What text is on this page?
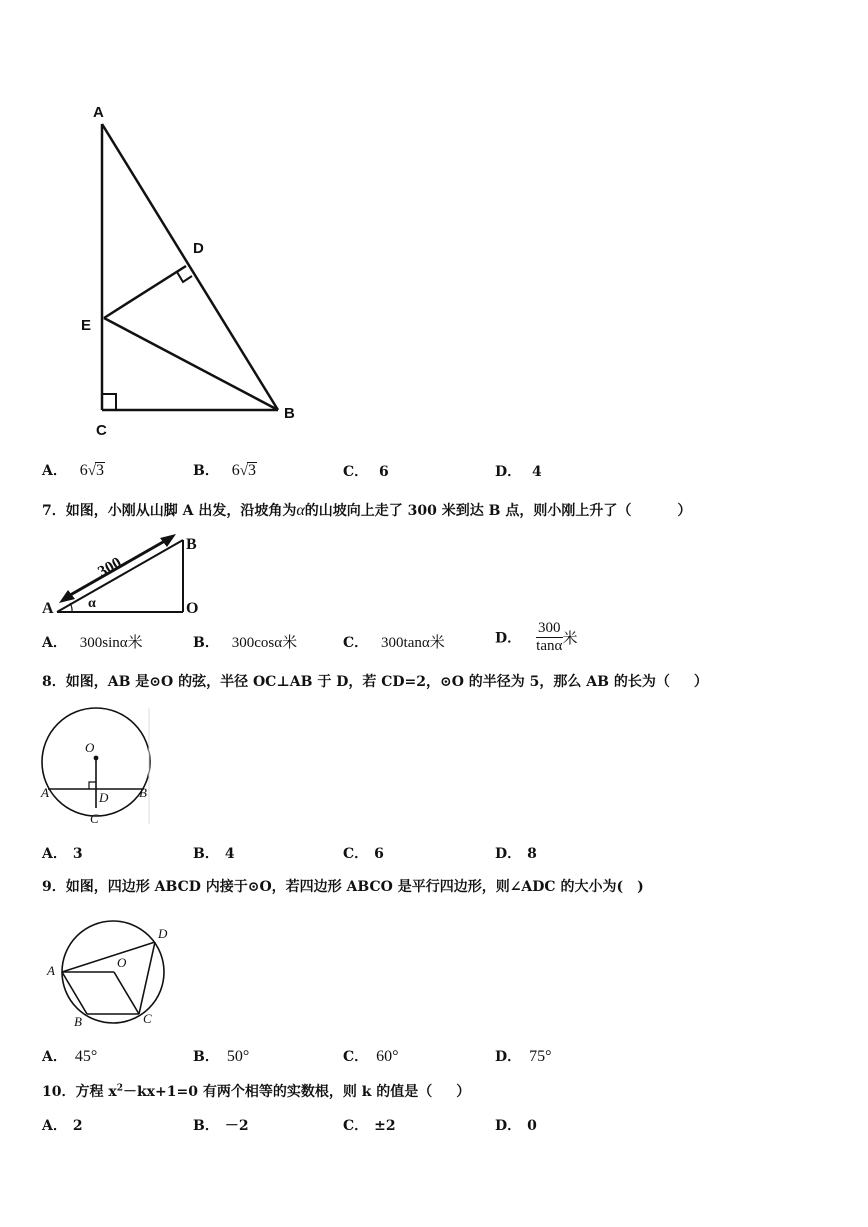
A
D
E
C
B
A． 6√3	B． 6√3	C． 6	D． 4
7．如图，小刚从山脚 A 出发，沿坡角为α的山坡向上走了 300 米到达 B 点，则小刚上升了（	）
300
A
B
O
α
A． 300sinα米	B． 300cosα米	C． 300tanα米	D． $\frac{300}{\tan\alpha}$ 米
8．如图，AB 是⊙O 的弦，半径 OC⊥AB 于 D，若 CD=2，⊙O 的半径为 5，那么 AB 的长为（ ）
O
A	B
D
C
A． 3	B． 4	C． 6	D． 8
9．如图，四边形 ABCD 内接于⊙O，若四边形 ABCO 是平行四边形，则∠ADC 的大小为( )
A
B	C
D
O
A． 45°	B． 50°	C． 60°	D． 75°
10．方程 $x^2-kx+1=0$ 有两个相等的实数根，则 k 的值是（ ）
A． 2	B． －2	C． ±2	D． 0
